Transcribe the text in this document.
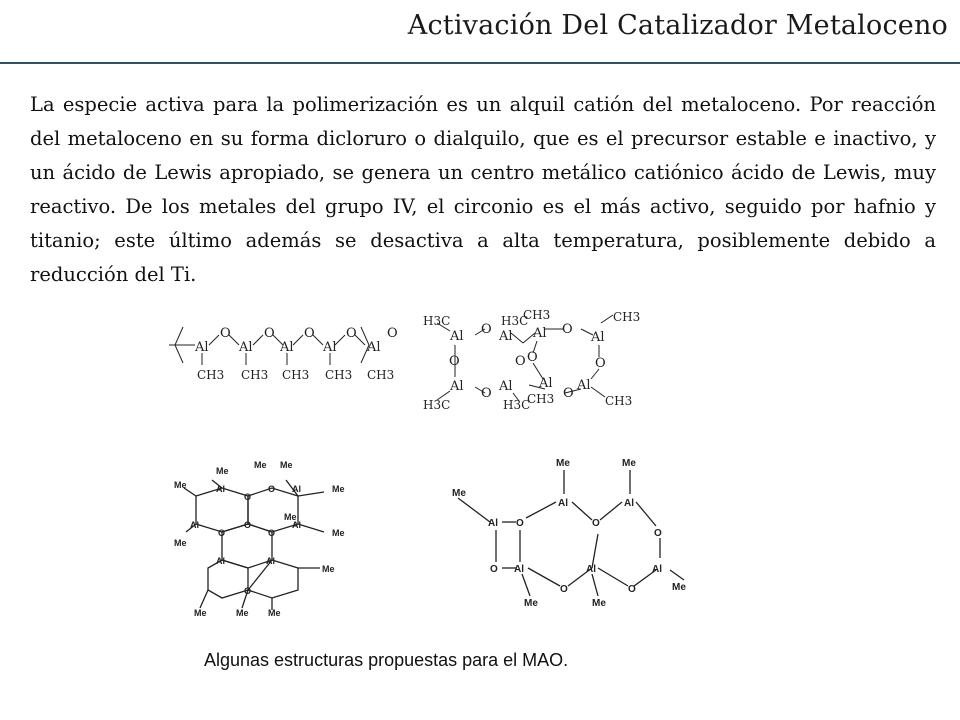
Activación Del Catalizador Metaloceno

La especie activa para la polimerización es un alquil catión del metaloceno. Por reacción del metaloceno en su forma dicloruro o dialquilo, que es el precursor estable e inactivo, y un ácido de Lewis apropiado, se genera un centro metálico catiónico ácido de Lewis, muy reactivo. De los metales del grupo IV, el circonio es el más activo, seguido por hafnio y titanio; este último además se desactiva a alta temperatura, posiblemente debido a reducción del Ti.

Al Al Al Al Al
O	O O O O
CH3 CH3 CH3 CH3 CH3
H3C
H3C
Al
Al
O
O
O
Al
Al
H3C
H3C
CH3
Al
O O
Al
CH3
O
Al
CH3
O
O
Al
CH3
Me
Me Me
Me	Me
Me
Me
Me
Me
Me	Me Me
Al	Al
Al	Al
Al	Al
O
O
O
O
O
O
Me
Me	Me
Me
Me	Me
Al
Al
Al	Al
Al	Al
O
O
O
O
O
O
Algunas estructuras propuestas para el MAO.
